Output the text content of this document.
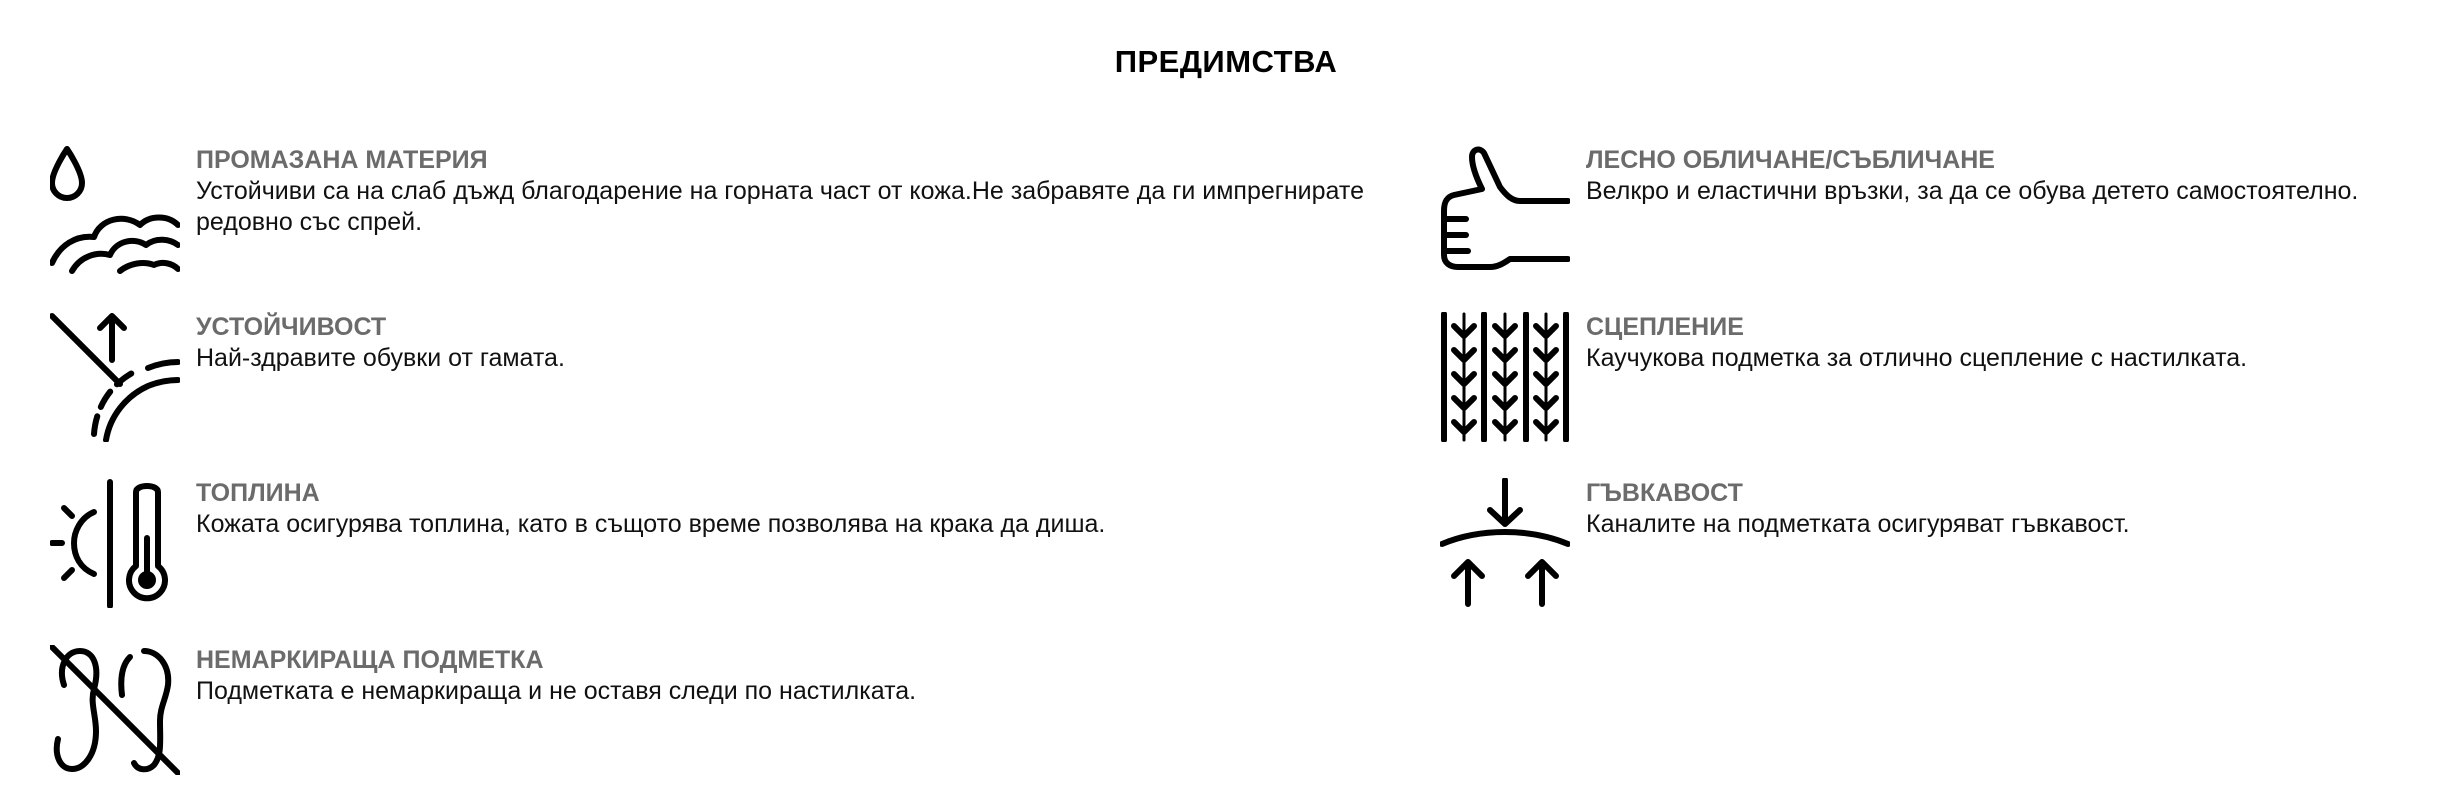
ПРЕДИМСТВА
ПРОМАЗАНА МАТЕРИЯ
Устойчиви са на слаб дъжд благодарение на горната част от кожа.Не забравяте да ги импрегнирате редовно със спрей.
ЛЕСНО ОБЛИЧАНЕ/СЪБЛИЧАНЕ
Велкро и еластични връзки, за да се обува детето самостоятелно.
УСТОЙЧИВОСТ
Най-здравите обувки от гамата.
СЦЕПЛЕНИЕ
Каучукова подметка за отлично сцепление с настилката.
ТОПЛИНА
Кожата осигурява топлина, като в същото време позволява на крака да диша.
ГЪВКАВОСТ
Каналите на подметката осигуряват гъвкавост.
НЕМАРКИРАЩА ПОДМЕТКА
Подметката е немаркираща и не оставя следи по настилката.
